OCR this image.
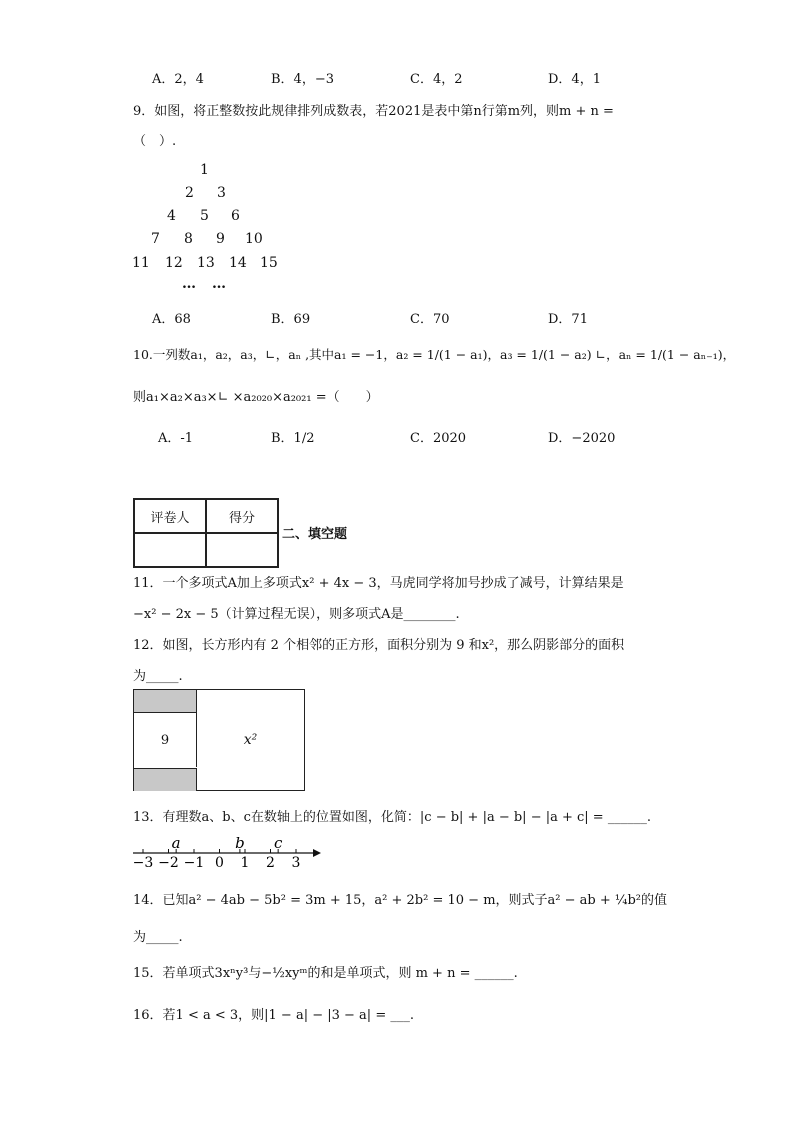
A．2，4	B．4，−3	C．4，2	D．4，1
9．如图，将正整数按此规律排列成数表，若2021是表中第n行第m列，则m + n =
（　）.
1
2 3
4 5 6
7 8 9 10
11 12 13 14 15
… …
A．68	B．69	C．70	D．71
10.一列数a₁，a₂，a₃，∟，aₙ ,其中a₁ = −1，a₂ = 1/(1 − a₁)，a₃ = 1/(1 − a₂) ∟，aₙ = 1/(1 − aₙ₋₁)，
则a₁×a₂×a₃×∟ ×a₂₀₂₀×a₂₀₂₁ =（　　）
A．-1	B．1/2	C．2020	D．−2020
评卷人	得分

二、填空题
11．一个多项式A加上多项式x² + 4x − 3，马虎同学将加号抄成了减号，计算结果是
−x² − 2x − 5（计算过程无误），则多项式A是________.
12．如图，长方形内有 2 个相邻的正方形，面积分别为 9 和x²，那么阴影部分的面积
为_____.
9	x²
13．有理数a、b、c在数轴上的位置如图，化简：|c − b| + |a − b| − |a + c| = ______.
−3 −2 −1 0 1 2 3
a	b c
14．已知a² − 4ab − 5b² = 3m + 15，a² + 2b² = 10 − m，则式子a² − ab + ¼b²的值
为_____.
15．若单项式3xⁿy³与−½xyᵐ的和是单项式，则 m + n = ______.
16．若1 < a < 3，则|1 − a| − |3 − a| = ___.
